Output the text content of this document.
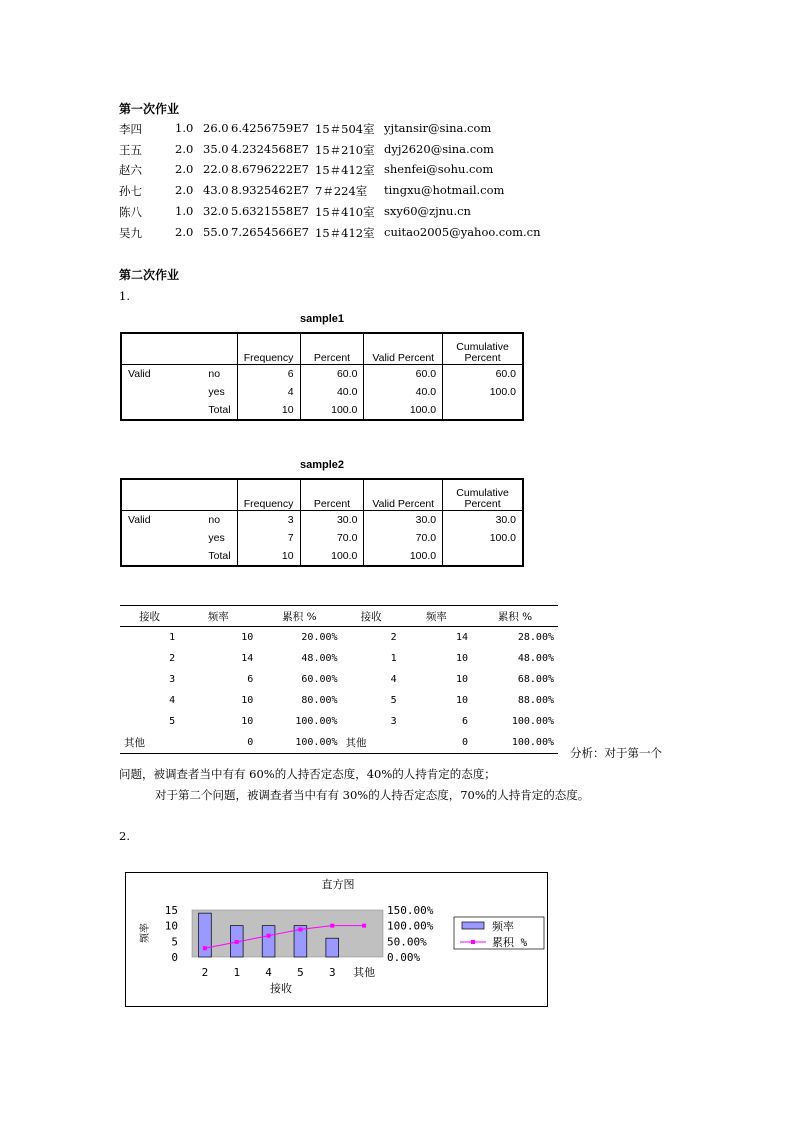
第一次作业
李四	1.0 26.0 6.4256759E7 15＃504室 yjtansir@sina.com
王五	2.0 35.0 4.2324568E7 15＃210室 dyj2620@sina.com
赵六	2.0 22.0 8.6796222E7 15＃412室 shenfei@sohu.com
孙七	2.0 43.0 8.9325462E7 7＃224室 tingxu@hotmail.com
陈八	1.0 32.0 5.6321558E7 15＃410室 sxy60@zjnu.cn
吴九	2.0 55.0 7.2654566E7 15＃412室 cuitao2005@yahoo.com.cn
第二次作业
1.
sample1
		Frequency	Percent	Valid Percent	Cumulative
Percent
Valid	no	6	60.0	60.0	60.0
	yes	4	40.0	40.0	100.0
	Total	10	100.0	100.0	
sample2
		Frequency	Percent	Valid Percent	Cumulative
Percent
Valid	no	3	30.0	30.0	30.0
	yes	7	70.0	70.0	100.0
	Total	10	100.0	100.0	
接收	频率	累积 %	接收	频率	累积 %
1	10	20.00%	2	14	28.00%
2	14	48.00%	1	10	48.00%
3	6	60.00%	4	10	68.00%
4	10	80.00%	5	10	88.00%
5	10	100.00%	3	6	100.00%
其他	0	100.00%	其他	0	100.00%
分析：对于第一个
问题，被调查者当中有有 60%的人持否定态度，40%的人持肯定的态度；
对于第二个问题，被调查者当中有有 30%的人持否定态度，70%的人持肯定的态度。
2.
直方图
0
5
10
15
0.00%
50.00%
100.00%
150.00%
频率
2 1 4 5 3 其他
接收
频率
累积 %
